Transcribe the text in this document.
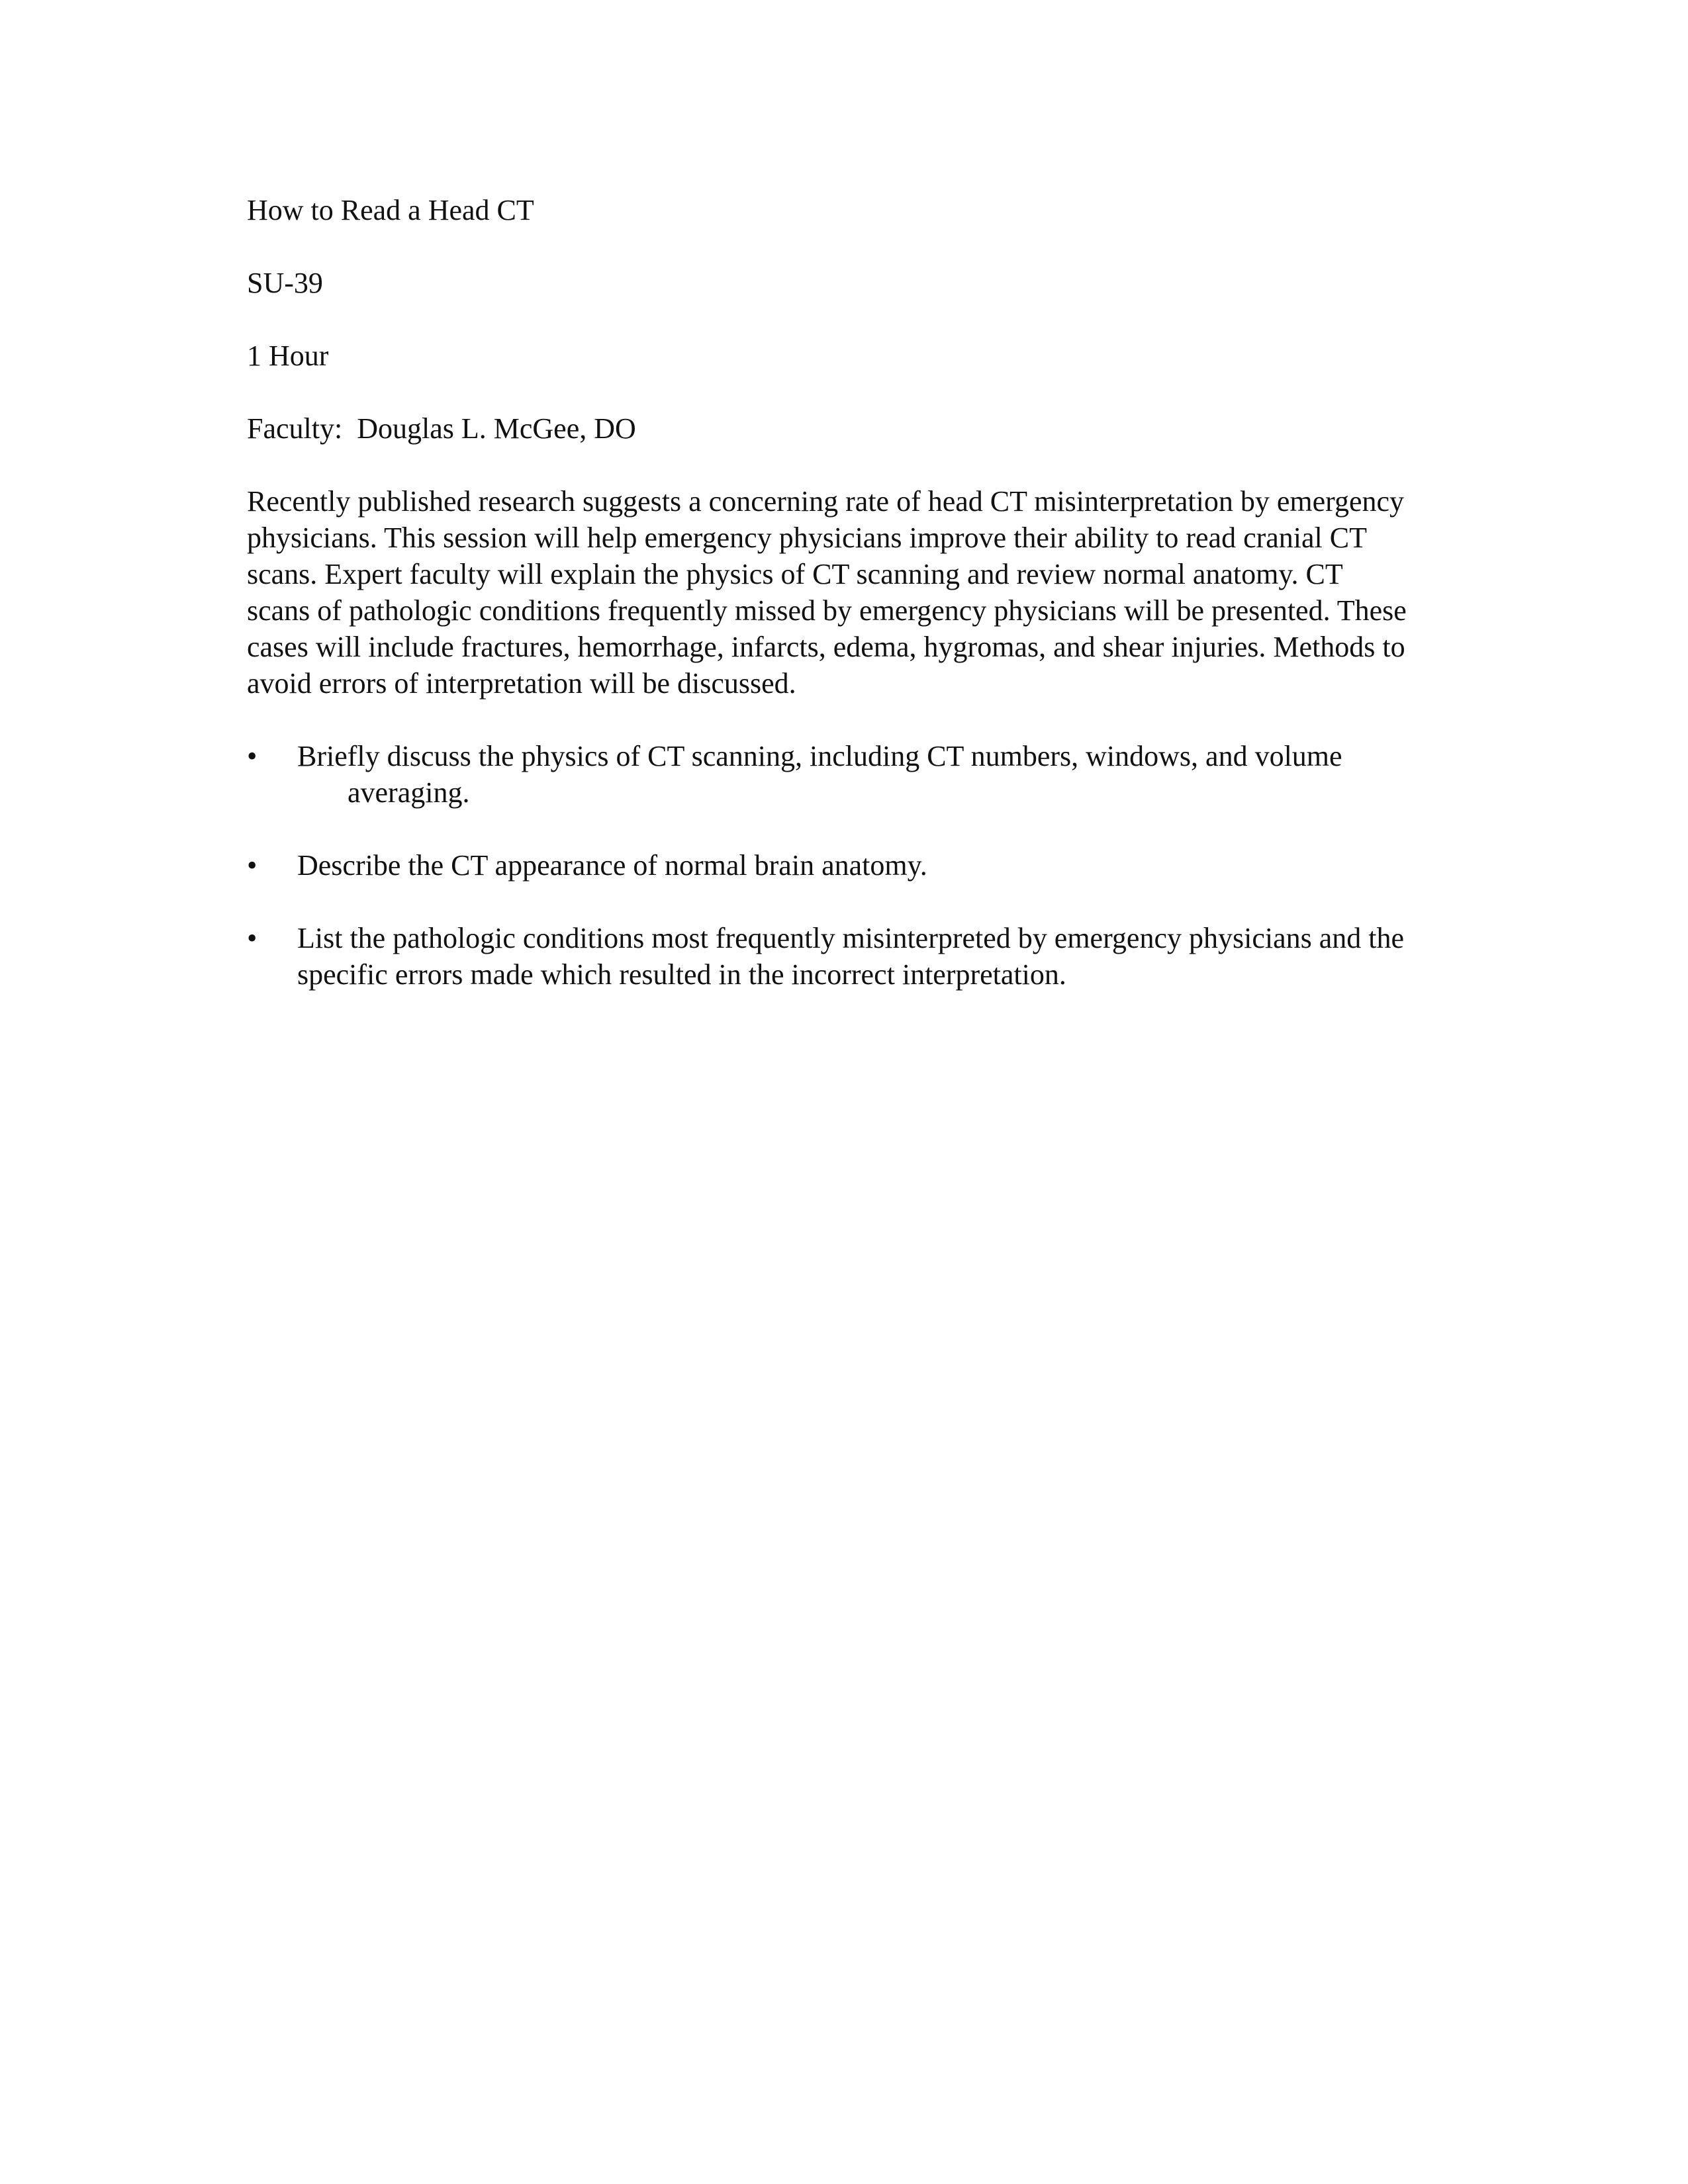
How to Read a Head CT

SU-39

1 Hour

Faculty: Douglas L. McGee, DO

Recently published research suggests a concerning rate of head CT misinterpretation by emergency
physicians. This session will help emergency physicians improve their ability to read cranial CT
scans. Expert faculty will explain the physics of CT scanning and review normal anatomy. CT
scans of pathologic conditions frequently missed by emergency physicians will be presented. These
cases will include fractures, hemorrhage, infarcts, edema, hygromas, and shear injuries. Methods to
avoid errors of interpretation will be discussed.
•	Briefly discuss the physics of CT scanning, including CT numbers, windows, and volume
averaging.
•	Describe the CT appearance of normal brain anatomy.
•	List the pathologic conditions most frequently misinterpreted by emergency physicians and the
specific errors made which resulted in the incorrect interpretation.
